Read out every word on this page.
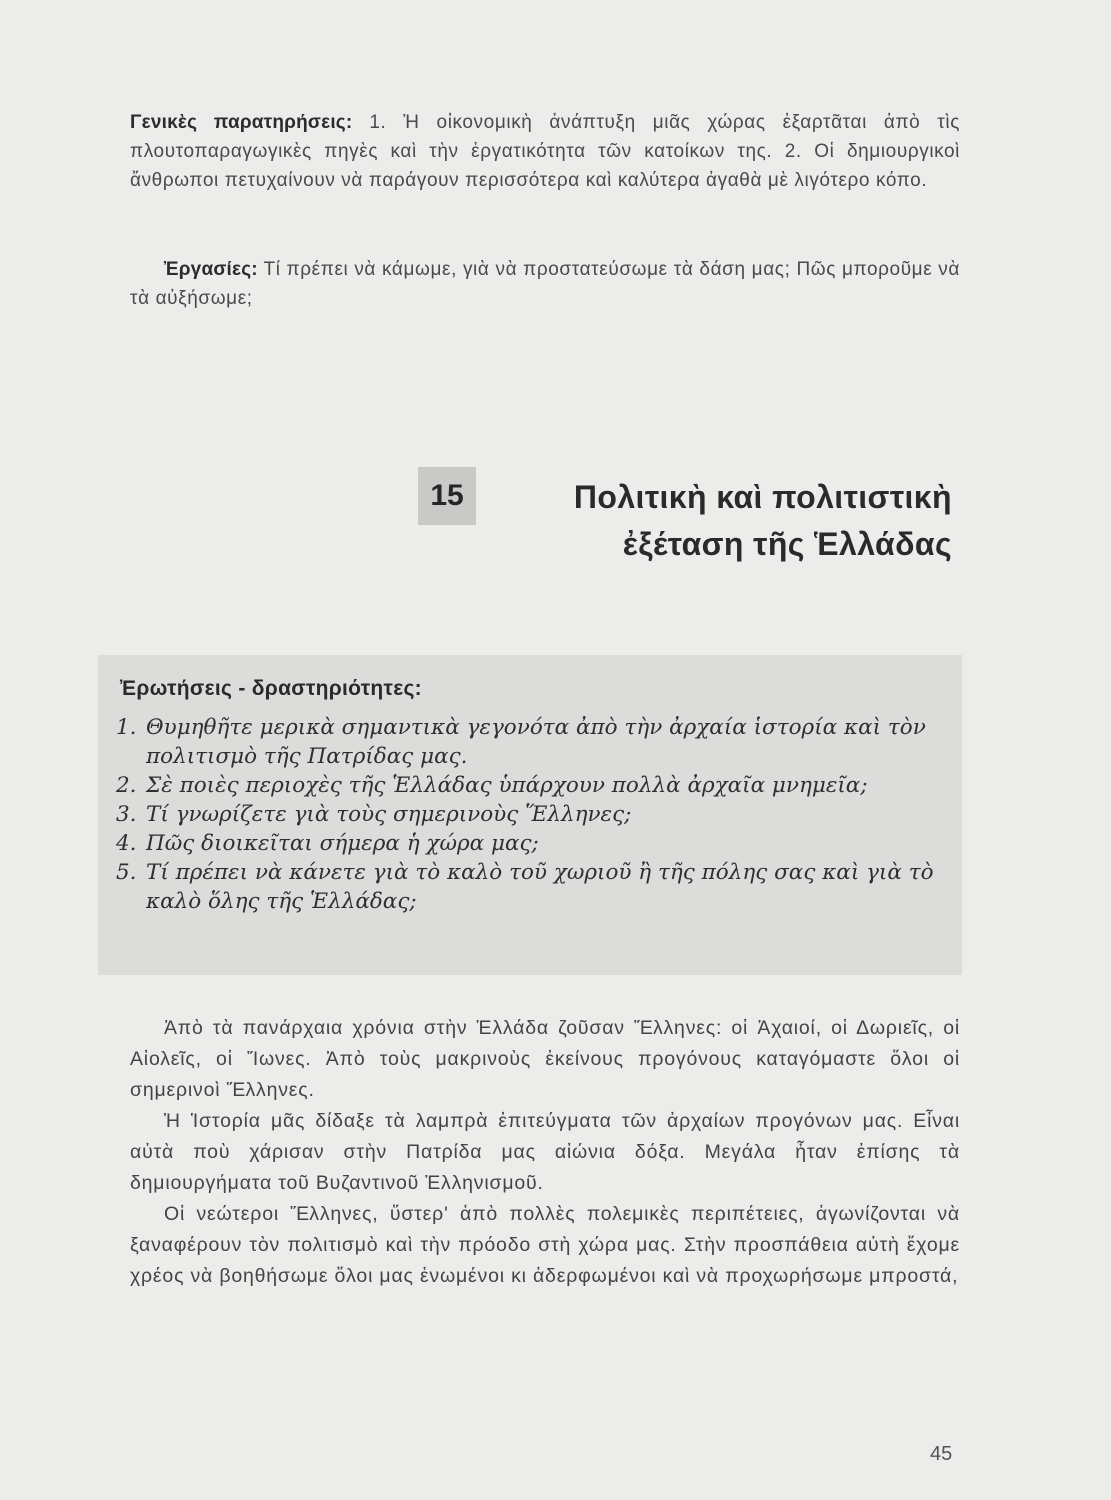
Γενικὲς παρατηρήσεις: 1. Ἡ οἰκονομικὴ ἀνάπτυξη μιᾶς χώρας ἐξαρτᾶται ἀπὸ τὶς πλουτοπαραγωγικὲς πηγὲς καὶ τὴν ἐργατικότητα τῶν κατοίκων της. 2. Οἱ δημιουργικοὶ ἄνθρωποι πετυχαίνουν νὰ παράγουν περισσότερα καὶ καλύτερα ἀγαθὰ μὲ λιγότερο κόπο.
Ἐργασίες: Τί πρέπει νὰ κάμωμε, γιὰ νὰ προστατεύσωμε τὰ δάση μας; Πῶς μποροῦμε νὰ τὰ αὐξήσωμε;
15	Πολιτικὴ καὶ πολιτιστικὴ
ἐξέταση τῆς Ἑλλάδας
Ἐρωτήσεις - δραστηριότητες:
1. Θυμηθῆτε μερικὰ σημαντικὰ γεγονότα ἀπὸ τὴν ἀρχαία ἱστορία καὶ τὸν πολιτισμὸ τῆς Πατρίδας μας.
2. Σὲ ποιὲς περιοχὲς τῆς Ἑλλάδας ὑπάρχουν πολλὰ ἀρχαῖα μνημεῖα;
3. Τί γνωρίζετε γιὰ τοὺς σημερινοὺς Ἕλληνες;
4. Πῶς διοικεῖται σήμερα ἡ χώρα μας;
5. Τί πρέπει νὰ κάνετε γιὰ τὸ καλὸ τοῦ χωριοῦ ἢ τῆς πόλης σας καὶ γιὰ τὸ καλὸ ὅλης τῆς Ἑλλάδας;

Ἀπὸ τὰ πανάρχαια χρόνια στὴν Ἑλλάδα ζοῦσαν Ἕλληνες: οἱ Ἀχαιοί, οἱ Δωριεῖς, οἱ Αἰολεῖς, οἱ Ἴωνες. Ἀπὸ τοὺς μακρινοὺς ἐκείνους προγόνους καταγόμαστε ὅλοι οἱ σημερινοὶ Ἕλληνες.

Ἡ Ἱστορία μᾶς δίδαξε τὰ λαμπρὰ ἐπιτεύγματα τῶν ἀρχαίων προγόνων μας. Εἶναι αὐτὰ ποὺ χάρισαν στὴν Πατρίδα μας αἰώνια δόξα. Μεγάλα ἦταν ἐπίσης τὰ δημιουργήματα τοῦ Βυζαντινοῦ Ἑλληνισμοῦ.

Οἱ νεώτεροι Ἕλληνες, ὕστερ' ἀπὸ πολλὲς πολεμικὲς περιπέτειες, ἀγωνίζονται νὰ ξαναφέρουν τὸν πολιτισμὸ καὶ τὴν πρόοδο στὴ χώρα μας. Στὴν προσπάθεια αὐτὴ ἔχομε χρέος νὰ βοηθήσωμε ὅλοι μας ἑνωμένοι κι ἀδερφωμένοι καὶ νὰ προχωρήσωμε μπροστά,

45
